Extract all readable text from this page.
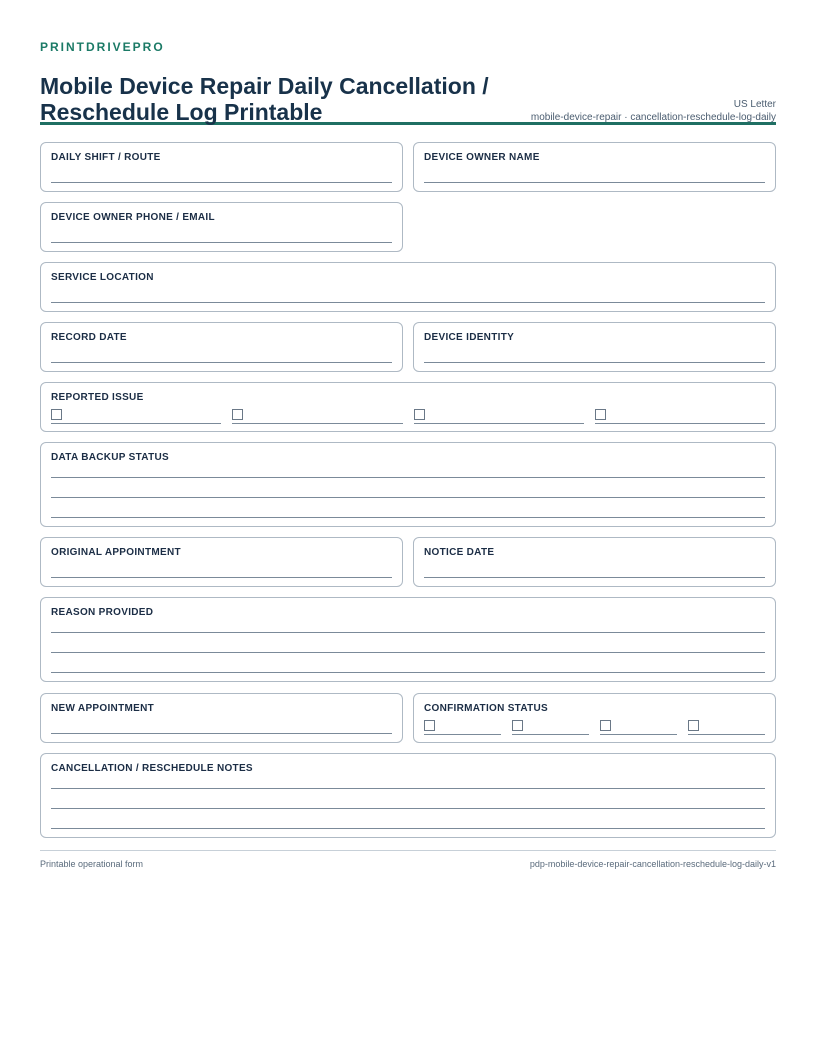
PRINTDRIVEPRO
Mobile Device Repair Daily Cancellation / Reschedule Log Printable	US Letter
mobile-device-repair · cancellation-reschedule-log-daily
DAILY SHIFT / ROUTE	DEVICE OWNER NAME
DEVICE OWNER PHONE / EMAIL
SERVICE LOCATION
RECORD DATE	DEVICE IDENTITY
REPORTED ISSUE
DATA BACKUP STATUS
ORIGINAL APPOINTMENT	NOTICE DATE
REASON PROVIDED
NEW APPOINTMENT	CONFIRMATION STATUS
CANCELLATION / RESCHEDULE NOTES
Printable operational form	pdp-mobile-device-repair-cancellation-reschedule-log-daily-v1
